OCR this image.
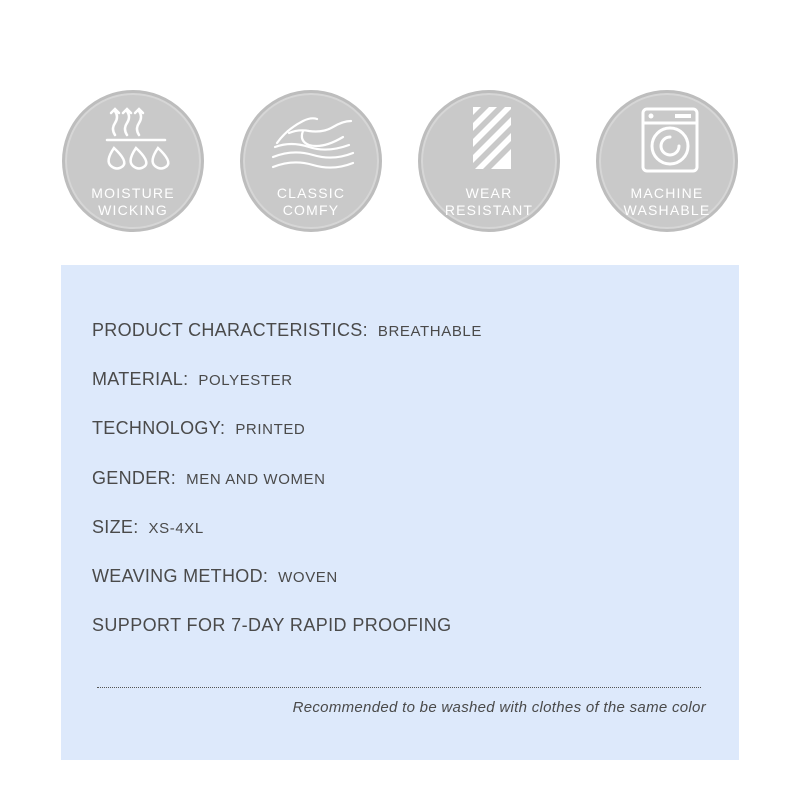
MOISTURE
WICKING
CLASSIC
COMFY
WEAR
RESISTANT
MACHINE
WASHABLE
PRODUCT CHARACTERISTICS: BREATHABLE
MATERIAL: POLYESTER
TECHNOLOGY: PRINTED
GENDER: MEN AND WOMEN
SIZE: XS-4XL
WEAVING METHOD: WOVEN
SUPPORT FOR 7-DAY RAPID PROOFING
Recommended to be washed with clothes of the same color
